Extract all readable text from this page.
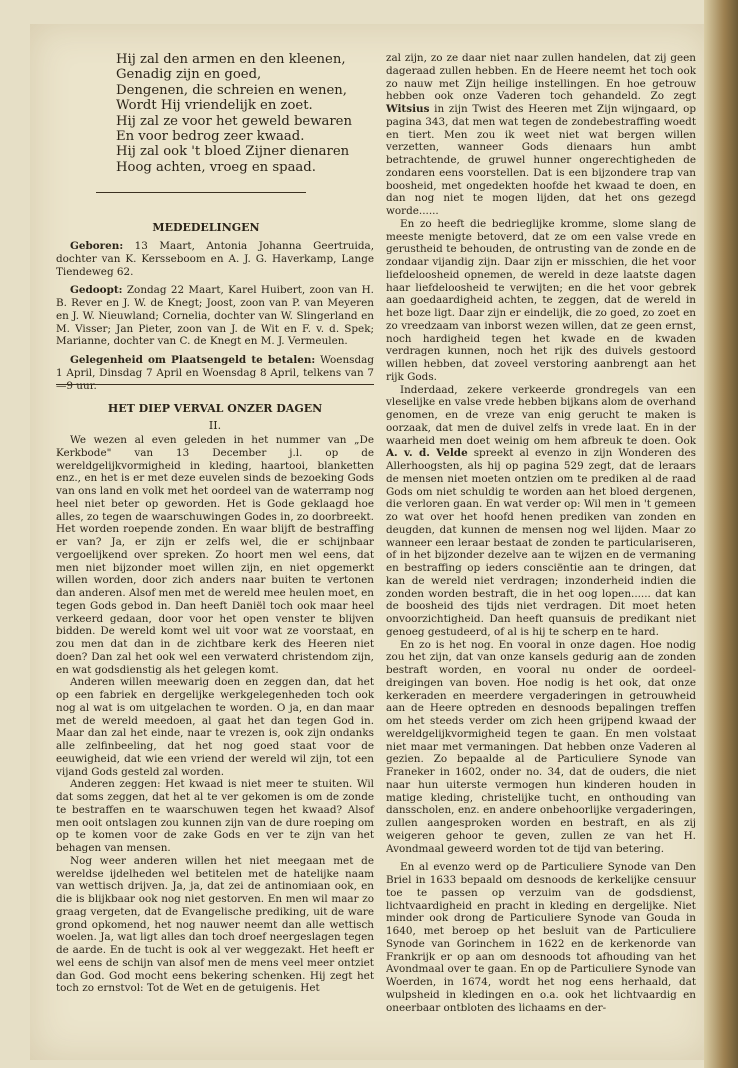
Hij zal den armen en den kleenen,
Genadig zijn en goed,
Dengenen, die schreien en wenen,
Wordt Hij vriendelijk en zoet.
Hij zal ze voor het geweld bewaren
En voor bedrog zeer kwaad.
Hij zal ook 't bloed Zijner dienaren
Hoog achten, vroeg en spaad.
MEDEDELINGEN

Geboren: 13 Maart, Antonia Johanna Geertruida, dochter van K. Kersseboom en A. J. G. Haverkamp, Lange Tiendeweg 62.

Gedoopt: Zondag 22 Maart, Karel Huibert, zoon van H. B. Rever en J. W. de Knegt; Joost, zoon van P. van Meyeren en J. W. Nieuwland; Cornelia, dochter van W. Slingerland en M. Visser; Jan Pieter, zoon van J. de Wit en F. v. d. Spek; Marianne, dochter van C. de Knegt en M. J. Vermeulen.

Gelegenheid om Plaatsengeld te betalen: Woensdag 1 April, Dinsdag 7 April en Woensdag 8 April, telkens van 7—9 uur.

HET DIEP VERVAL ONZER DAGEN
II.

We wezen al even geleden in het nummer van „De Kerkbode" van 13 December j.l. op de wereldgelijkvormigheid in kleding, haartooi, blanketten enz., en het is er met deze euvelen sinds de bezoeking Gods van ons land en volk met het oordeel van de waterramp nog heel niet beter op geworden. Het is Gode geklaagd hoe alles, zo tegen de waarschuwingen Godes in, zo doorbreekt. Het worden roepende zonden. En waar blijft de bestraffing er van? Ja, er zijn er zelfs wel, die er schijnbaar vergoelijkend over spreken. Zo hoort men wel eens, dat men niet bijzonder moet willen zijn, en niet opgemerkt willen worden, door zich anders naar buiten te vertonen dan anderen. Alsof men met de wereld mee heulen moet, en tegen Gods gebod in. Dan heeft Daniël toch ook maar heel verkeerd gedaan, door voor het open venster te blijven bidden. De wereld komt wel uit voor wat ze voorstaat, en zou men dat dan in de zichtbare kerk des Heeren niet doen? Dan zal het ook wel een verwaterd christendom zijn, en wat godsdienstig als het gelegen komt.

Anderen willen meewarig doen en zeggen dan, dat het op een fabriek en dergelijke werkgelegenheden toch ook nog al wat is om uitgelachen te worden. O ja, en dan maar met de wereld meedoen, al gaat het dan tegen God in. Maar dan zal het einde, naar te vrezen is, ook zijn ondanks alle zelfinbeeling, dat het nog goed staat voor de eeuwigheid, dat wie een vriend der wereld wil zijn, tot een vijand Gods gesteld zal worden.

Anderen zeggen: Het kwaad is niet meer te stuiten. Wil dat soms zeggen, dat het al te ver gekomen is om de zonde te bestraffen en te waarschuwen tegen het kwaad? Alsof men ooit ontslagen zou kunnen zijn van de dure roeping om op te komen voor de zake Gods en ver te zijn van het behagen van mensen.

Nog weer anderen willen het niet meegaan met de wereldse ijdelheden wel betitelen met de hatelijke naam van wettisch drijven. Ja, ja, dat zei de antinomiaan ook, en die is blijkbaar ook nog niet gestorven. En men wil maar zo graag vergeten, dat de Evangelische prediking, uit de ware grond opkomend, het nog nauwer neemt dan alle wettisch woelen. Ja, wat ligt alles dan toch droef neergeslagen tegen de aarde. En de tucht is ook al ver weggezakt. Het heeft er wel eens de schijn van alsof men de mens veel meer ontziet dan God. God mocht eens bekering schenken. Hij zegt het toch zo ernstvol: Tot de Wet en de getuigenis. Het

zal zijn, zo ze daar niet naar zullen handelen, dat zij geen dageraad zullen hebben. En de Heere neemt het toch ook zo nauw met Zijn heilige instellingen. En hoe getrouw hebben ook onze Vaderen toch gehandeld. Zo zegt Witsius in zijn Twist des Heeren met Zijn wijngaard, op pagina 343, dat men wat tegen de zondebestraffing woedt en tiert. Men zou ik weet niet wat bergen willen verzetten, wanneer Gods dienaars hun ambt betrachtende, de gruwel hunner ongerechtigheden de zondaren eens voorstellen. Dat is een bijzondere trap van boosheid, met ongedekten hoofde het kwaad te doen, en dan nog niet te mogen lijden, dat het ons gezegd worde......

En zo heeft die bedrieglijke kromme, slome slang de meeste menigte betoverd, dat ze om een valse vrede en gerustheid te behouden, de ontrusting van de zonde en de zondaar vijandig zijn. Daar zijn er misschien, die het voor liefdeloosheid opnemen, de wereld in deze laatste dagen haar liefdeloosheid te verwijten; en die het voor gebrek aan goedaardigheid achten, te zeggen, dat de wereld in het boze ligt. Daar zijn er eindelijk, die zo goed, zo zoet en zo vreedzaam van inborst wezen willen, dat ze geen ernst, noch hardigheid tegen het kwade en de kwaden verdragen kunnen, noch het rijk des duivels gestoord willen hebben, dat zoveel verstoring aanbrengt aan het rijk Gods.

Inderdaad, zekere verkeerde grondregels van een vleselijke en valse vrede hebben bijkans alom de overhand genomen, en de vreze van enig gerucht te maken is oorzaak, dat men de duivel zelfs in vrede laat. En in der waarheid men doet weinig om hem afbreuk te doen. Ook A. v. d. Velde spreekt al evenzo in zijn Wonderen des Allerhoogsten, als hij op pagina 529 zegt, dat de leraars de mensen niet moeten ontzien om te prediken al de raad Gods om niet schuldig te worden aan het bloed dergenen, die verloren gaan. En wat verder op: Wil men in 't gemeen zo wat over het hoofd henen prediken van zonden en deugden, dat kunnen de mensen nog wel lijden. Maar zo wanneer een leraar bestaat de zonden te particulariseren, of in het bijzonder dezelve aan te wijzen en de vermaning en bestraffing op ieders consciëntie aan te dringen, dat kan de wereld niet verdragen; inzonderheid indien die zonden worden bestraft, die in het oog lopen...... dat kan de boosheid des tijds niet verdragen. Dit moet heten onvoorzichtigheid. Dan heeft quansuis de predikant niet genoeg gestudeerd, of al is hij te scherp en te hard.

En zo is het nog. En vooral in onze dagen. Hoe nodig zou het zijn, dat van onze kansels gedurig aan de zonden bestraft worden, en vooral nu onder de oordeel-dreigingen van boven. Hoe nodig is het ook, dat onze kerkeraden en meerdere vergaderingen in getrouwheid aan de Heere optreden en desnoods bepalingen treffen om het steeds verder om zich heen grijpend kwaad der wereldgelijkvormigheid tegen te gaan. En men volstaat niet maar met vermaningen. Dat hebben onze Vaderen al gezien. Zo bepaalde al de Particuliere Synode van Franeker in 1602, onder no. 34, dat de ouders, die niet naar hun uiterste vermogen hun kinderen houden in matige kleding, christelijke tucht, en onthouding van dansscholen, enz. en andere onbehoorlijke vergaderingen, zullen aangesproken worden en bestraft, en als zij weigeren gehoor te geven, zullen ze van het H. Avondmaal geweerd worden tot de tijd van betering.

En al evenzo werd op de Particuliere Synode van Den Briel in 1633 bepaald om desnoods de kerkelijke censuur toe te passen op verzuim van de godsdienst, lichtvaardigheid en pracht in kleding en dergelijke. Niet minder ook drong de Particuliere Synode van Gouda in 1640, met beroep op het besluit van de Particuliere Synode van Gorinchem in 1622 en de kerkenorde van Frankrijk er op aan om desnoods tot afhouding van het Avondmaal over te gaan. En op de Particuliere Synode van Woerden, in 1674, wordt het nog eens herhaald, dat wulpsheid in kledingen en o.a. ook het lichtvaardig en oneerbaar ontbloten des lichaams en der-
